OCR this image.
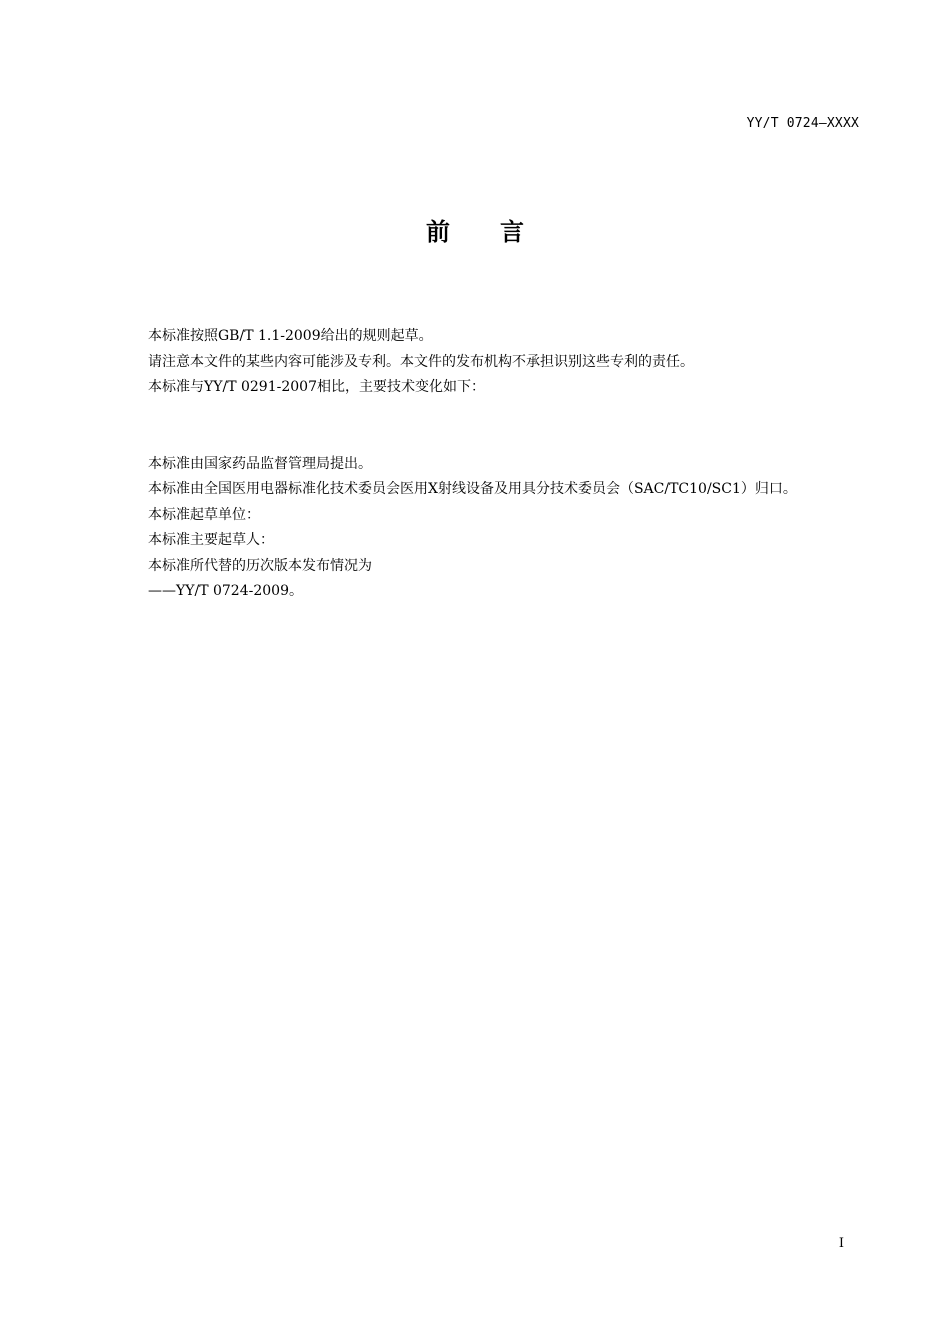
YY/T 0724—XXXX
前言

本标准按照GB/T 1.1-2009给出的规则起草。

请注意本文件的某些内容可能涉及专利。本文件的发布机构不承担识别这些专利的责任。

本标准与YY/T 0291-2007相比，主要技术变化如下：

本标准由国家药品监督管理局提出。

本标准由全国医用电器标准化技术委员会医用X射线设备及用具分技术委员会（SAC/TC10/SC1）归口。

本标准起草单位：

本标准主要起草人：

本标准所代替的历次版本发布情况为

——YY/T 0724-2009。

I
